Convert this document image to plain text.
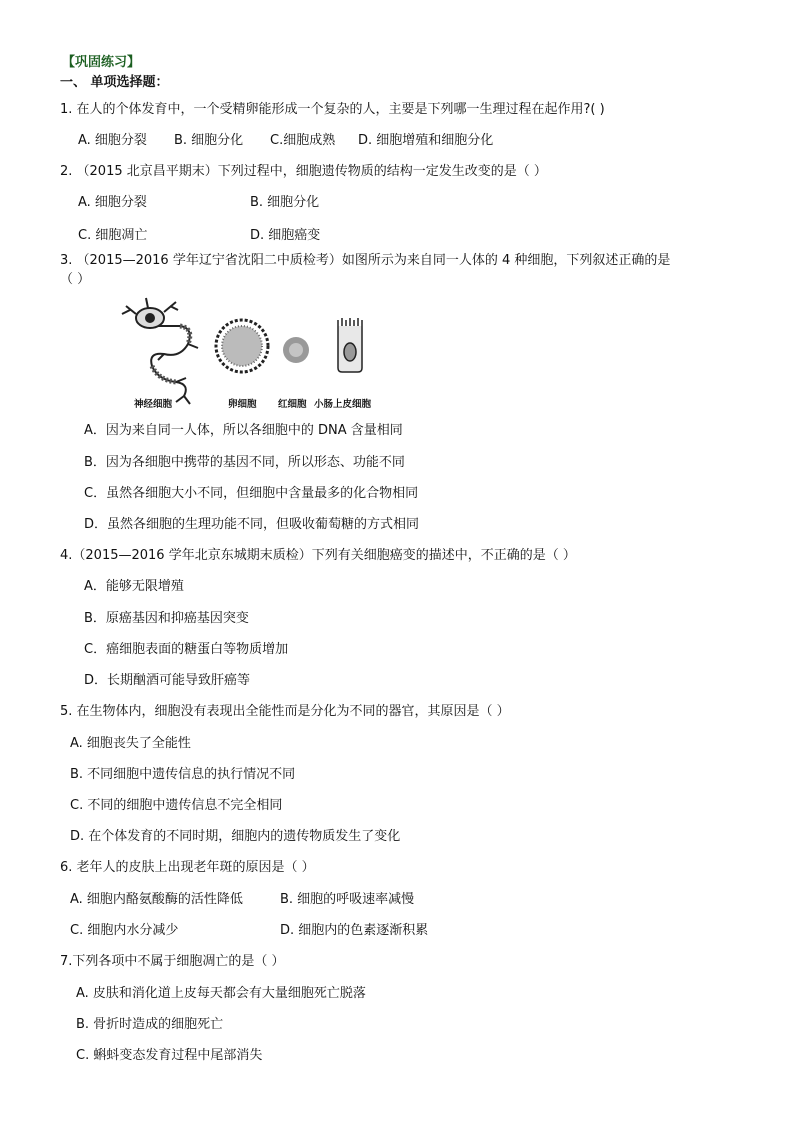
【巩固练习】
一、 单项选择题：
1. 在人的个体发育中，一个受精卵能形成一个复杂的人，主要是下列哪一生理过程在起作用?( )
A. 细胞分裂 B. 细胞分化 C.细胞成熟 D. 细胞增殖和细胞分化
2. （2015 北京昌平期末）下列过程中，细胞遗传物质的结构一定发生改变的是（ ）
A. 细胞分裂	B. 细胞分化
C. 细胞凋亡	D. 细胞癌变
3. （2015—2016 学年辽宁省沈阳二中质检考）如图所示为来自同一人体的 4 种细胞，下列叙述正确的是
（ ）
神经细胞	卵细胞 红细胞 小肠上皮细胞
A．因为来自同一人体，所以各细胞中的 DNA 含量相同
B．因为各细胞中携带的基因不同，所以形态、功能不同
C．虽然各细胞大小不同，但细胞中含量最多的化合物相同
D．虽然各细胞的生理功能不同，但吸收葡萄糖的方式相同
4.（2015—2016 学年北京东城期末质检）下列有关细胞癌变的描述中，不正确的是（ ）
A．能够无限增殖
B．原癌基因和抑癌基因突变
C．癌细胞表面的糖蛋白等物质增加
D．长期酗酒可能导致肝癌等
5. 在生物体内，细胞没有表现出全能性而是分化为不同的器官，其原因是（ ）
A. 细胞丧失了全能性
B. 不同细胞中遗传信息的执行情况不同
C. 不同的细胞中遗传信息不完全相同
D. 在个体发育的不同时期，细胞内的遗传物质发生了变化
6. 老年人的皮肤上出现老年斑的原因是（ ）
A. 细胞内酪氨酸酶的活性降低	B. 细胞的呼吸速率减慢
C. 细胞内水分减少	D. 细胞内的色素逐渐积累
7.下列各项中不属于细胞凋亡的是（ ）
A. 皮肤和消化道上皮每天都会有大量细胞死亡脱落
B. 骨折时造成的细胞死亡
C. 蝌蚪变态发育过程中尾部消失
